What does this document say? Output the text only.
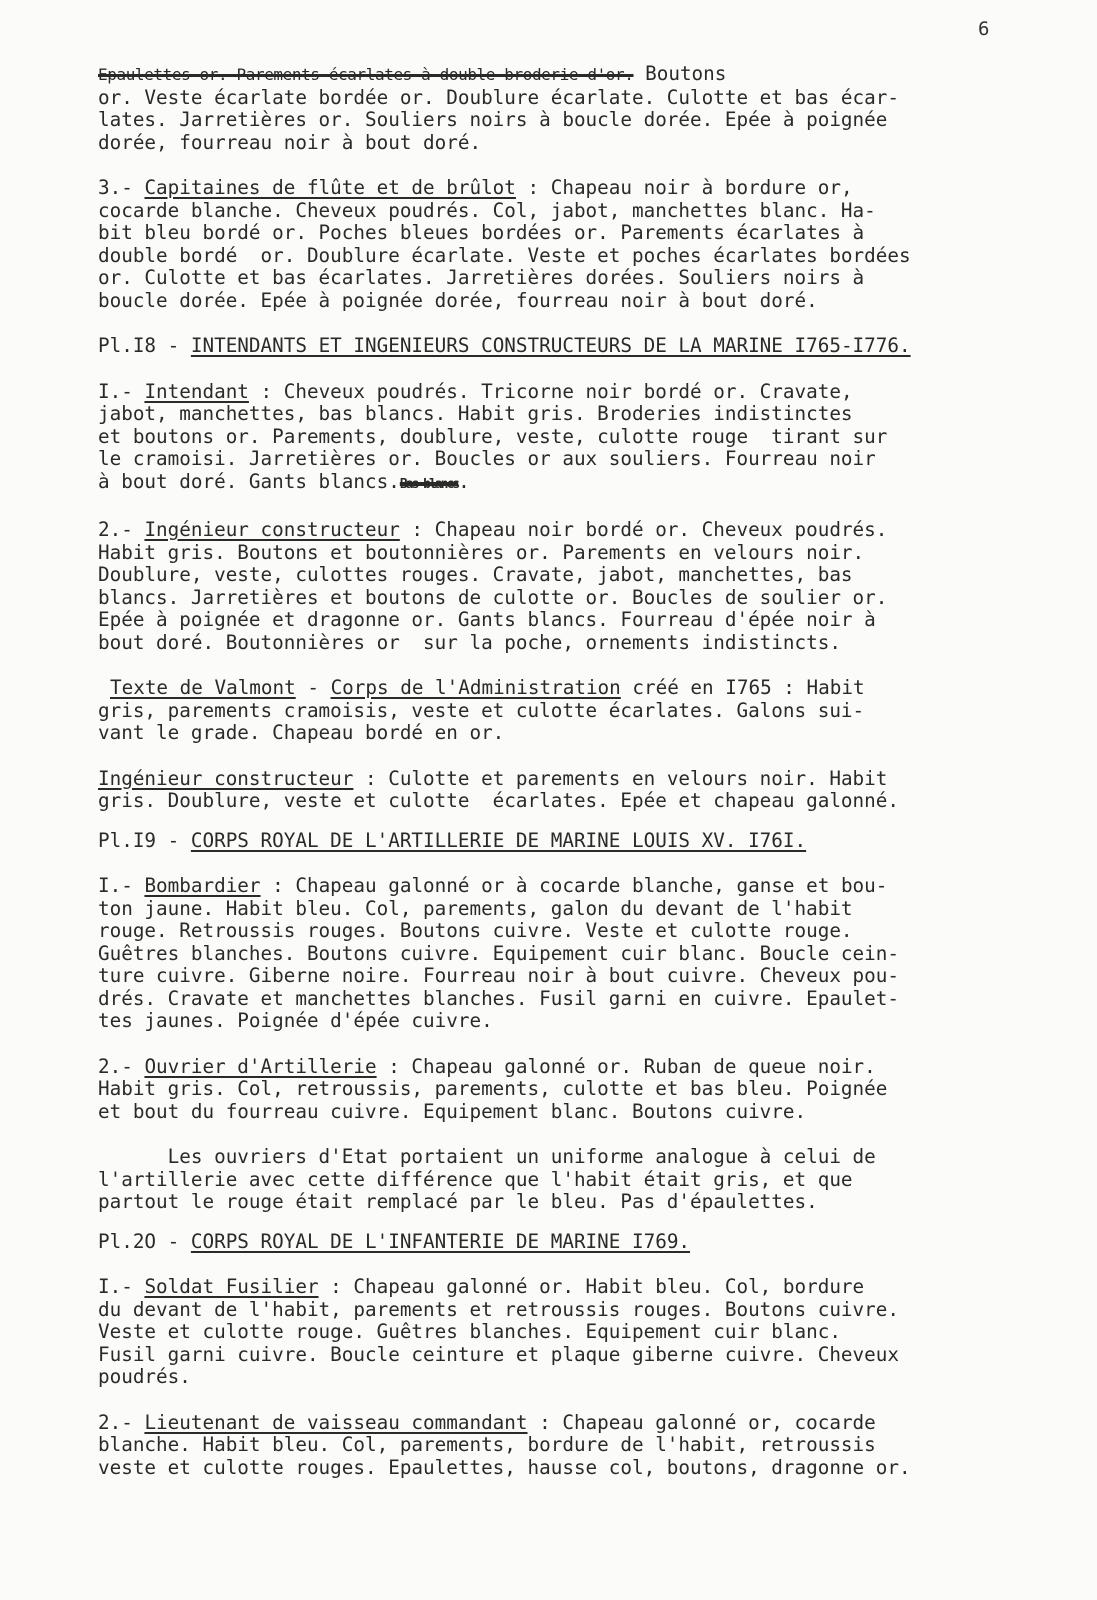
6
Epaulettes or. Parements écarlates à double broderie d'or. Boutons
or. Veste écarlate bordée or. Doublure écarlate. Culotte et bas écar-
lates. Jarretières or. Souliers noirs à boucle dorée. Epée à poignée
dorée, fourreau noir à bout doré.
3.- Capitaines de flûte et de brûlot : Chapeau noir à bordure or,
cocarde blanche. Cheveux poudrés. Col, jabot, manchettes blanc. Ha-
bit bleu bordé or. Poches bleues bordées or. Parements écarlates à
double bordé  or. Doublure écarlate. Veste et poches écarlates bordées
or. Culotte et bas écarlates. Jarretières dorées. Souliers noirs à
boucle dorée. Epée à poignée dorée, fourreau noir à bout doré.
Pl.I8 - INTENDANTS ET INGENIEURS CONSTRUCTEURS DE LA MARINE I765-I776.
I.- Intendant : Cheveux poudrés. Tricorne noir bordé or. Cravate,
jabot, manchettes, bas blancs. Habit gris. Broderies indistinctes
et boutons or. Parements, doublure, veste, culotte rouge  tirant sur
le cramoisi. Jarretières or. Boucles or aux souliers. Fourreau noir
à bout doré. Gants blancs.Bas blancs.
2.- Ingénieur constructeur : Chapeau noir bordé or. Cheveux poudrés.
Habit gris. Boutons et boutonnières or. Parements en velours noir.
Doublure, veste, culottes rouges. Cravate, jabot, manchettes, bas
blancs. Jarretières et boutons de culotte or. Boucles de soulier or.
Epée à poignée et dragonne or. Gants blancs. Fourreau d'épée noir à
bout doré. Boutonnières or  sur la poche, ornements indistincts.
Texte de Valmont - Corps de l'Administration créé en I765 : Habit
gris, parements cramoisis, veste et culotte écarlates. Galons sui-
vant le grade. Chapeau bordé en or.
Ingénieur constructeur : Culotte et parements en velours noir. Habit
gris. Doublure, veste et culotte  écarlates. Epée et chapeau galonné.
Pl.I9 - CORPS ROYAL DE L'ARTILLERIE DE MARINE LOUIS XV. I76I.
I.- Bombardier : Chapeau galonné or à cocarde blanche, ganse et bou-
ton jaune. Habit bleu. Col, parements, galon du devant de l'habit
rouge. Retroussis rouges. Boutons cuivre. Veste et culotte rouge.
Guêtres blanches. Boutons cuivre. Equipement cuir blanc. Boucle cein-
ture cuivre. Giberne noire. Fourreau noir à bout cuivre. Cheveux pou-
drés. Cravate et manchettes blanches. Fusil garni en cuivre. Epaulet-
tes jaunes. Poignée d'épée cuivre.
2.- Ouvrier d'Artillerie : Chapeau galonné or. Ruban de queue noir.
Habit gris. Col, retroussis, parements, culotte et bas bleu. Poignée
et bout du fourreau cuivre. Equipement blanc. Boutons cuivre.
Les ouvriers d'Etat portaient un uniforme analogue à celui de
l'artillerie avec cette différence que l'habit était gris, et que
partout le rouge était remplacé par le bleu. Pas d'épaulettes.
Pl.2O - CORPS ROYAL DE L'INFANTERIE DE MARINE I769.
I.- Soldat Fusilier : Chapeau galonné or. Habit bleu. Col, bordure
du devant de l'habit, parements et retroussis rouges. Boutons cuivre.
Veste et culotte rouge. Guêtres blanches. Equipement cuir blanc.
Fusil garni cuivre. Boucle ceinture et plaque giberne cuivre. Cheveux
poudrés.
2.- Lieutenant de vaisseau commandant : Chapeau galonné or, cocarde
blanche. Habit bleu. Col, parements, bordure de l'habit, retroussis
veste et culotte rouges. Epaulettes, hausse col, boutons, dragonne or.
